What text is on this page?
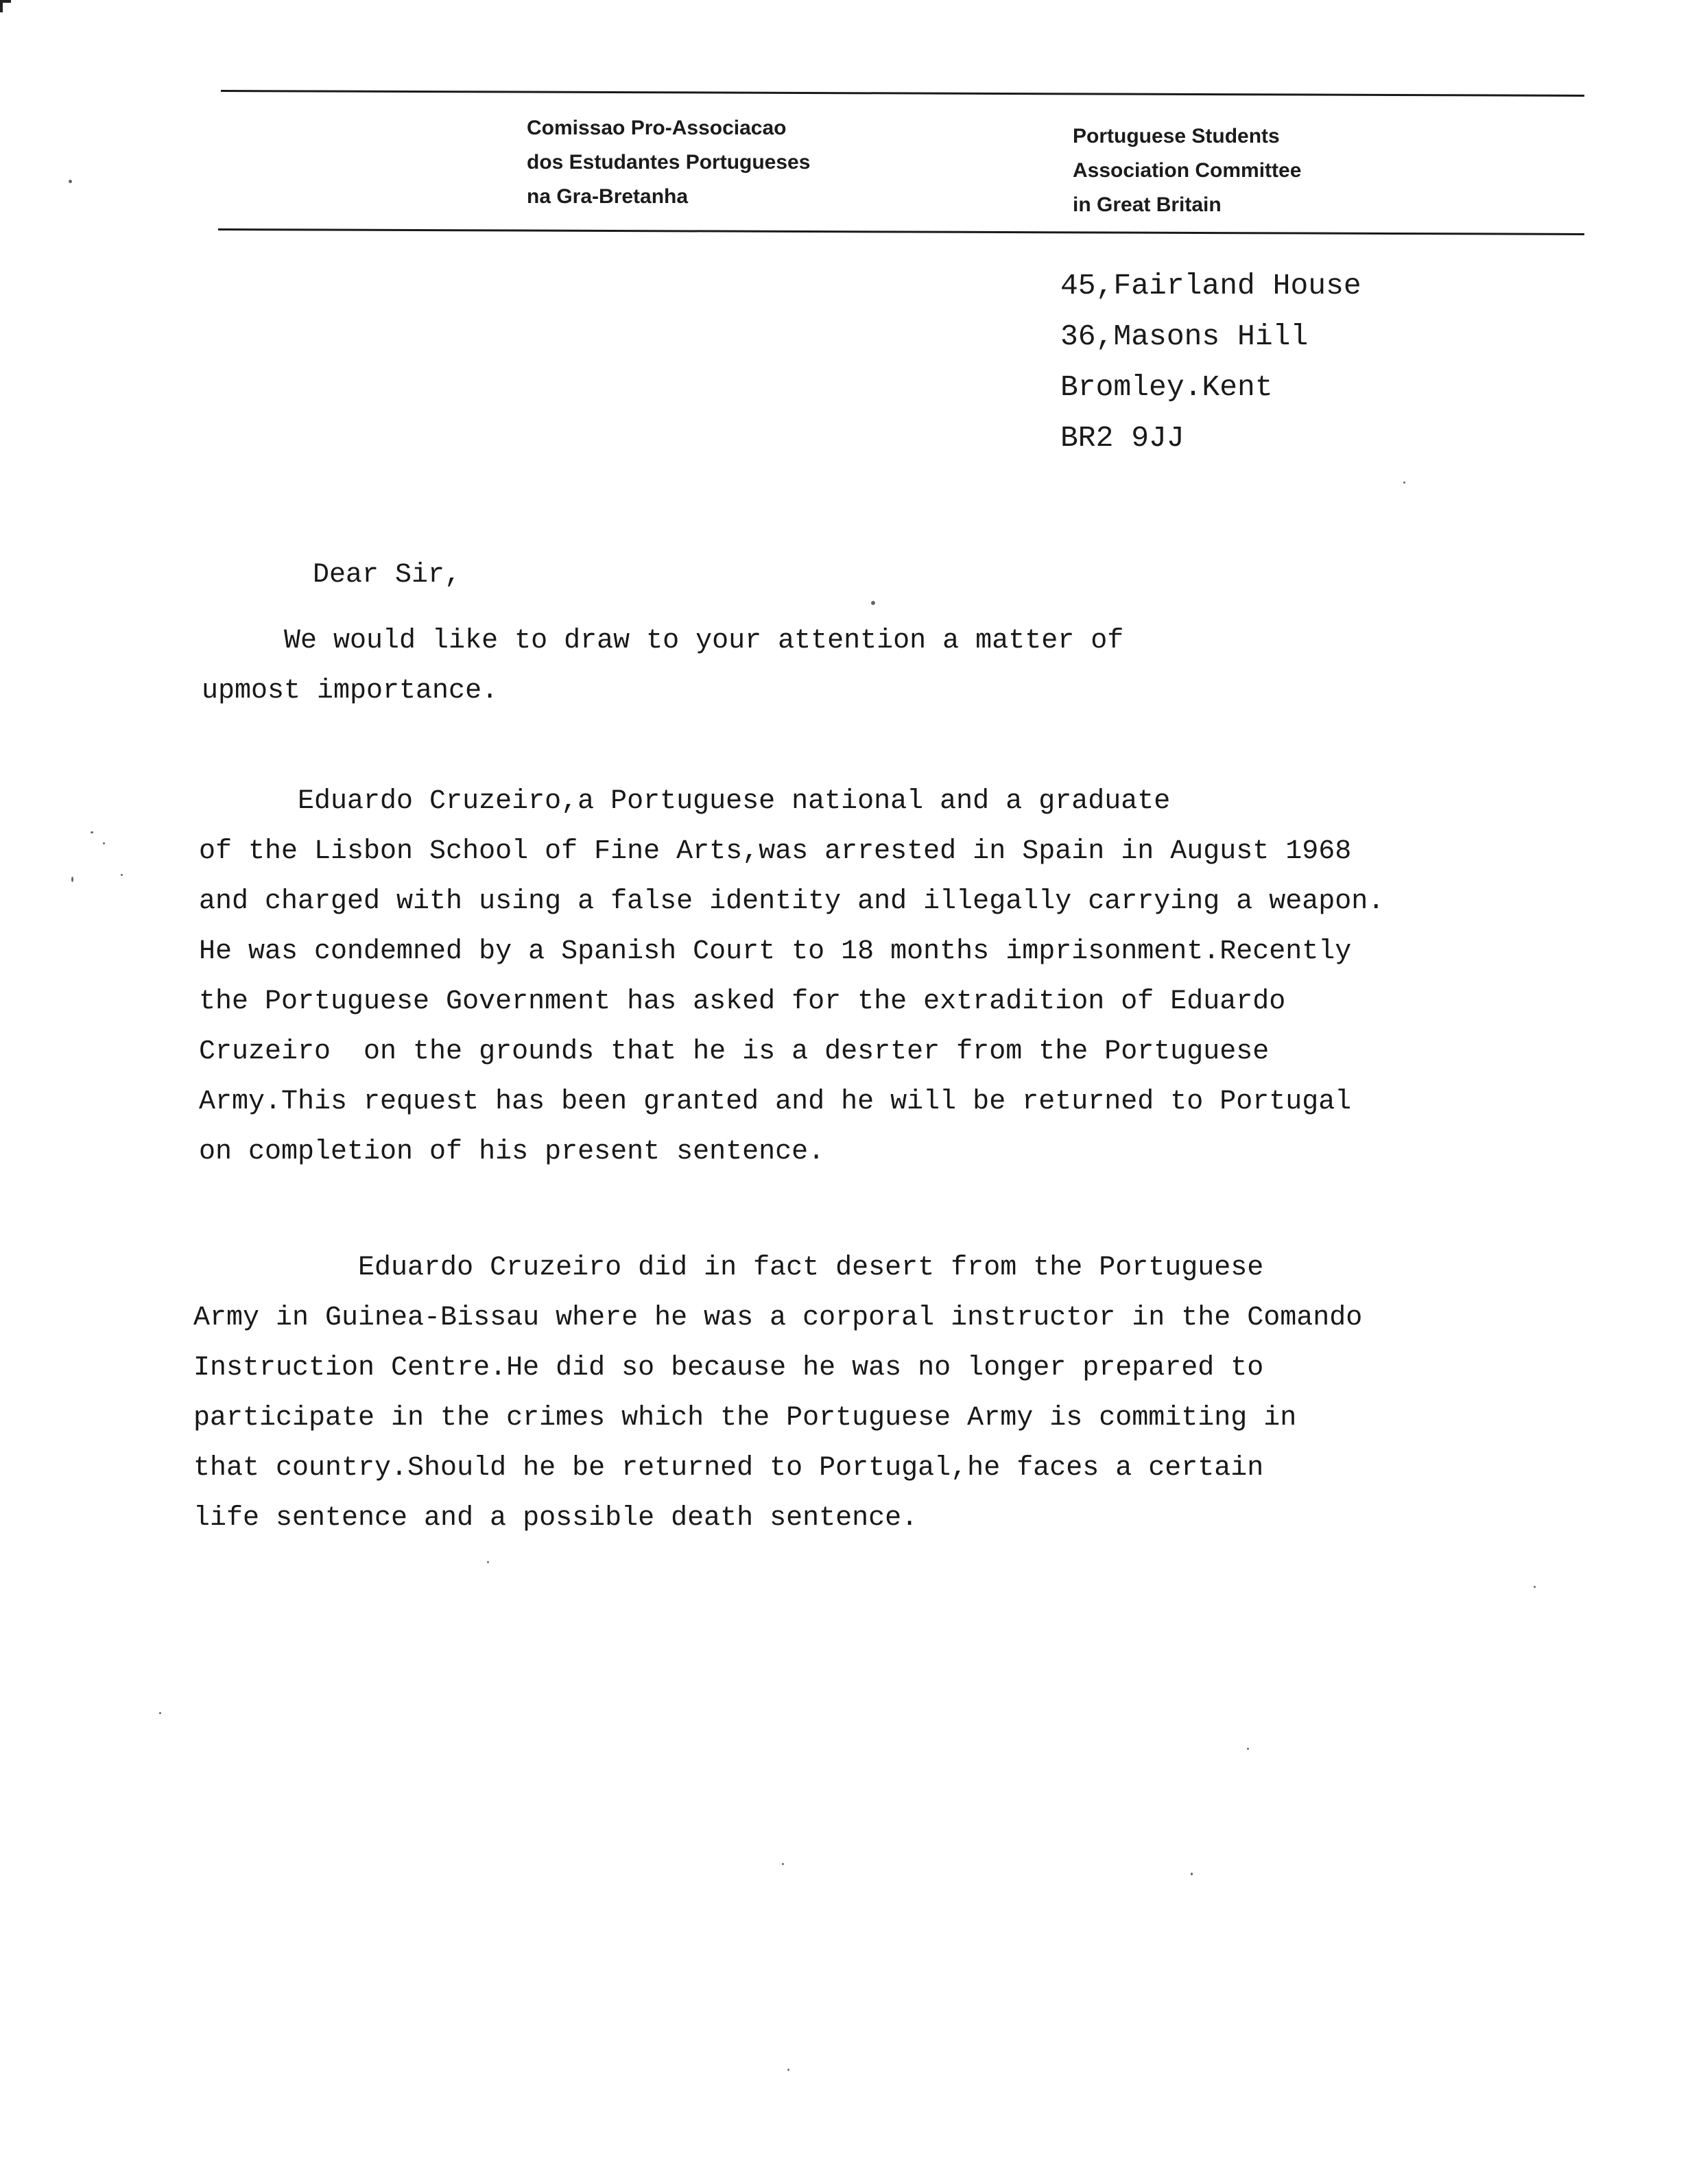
Comissao Pro-Associacao
dos Estudantes Portugueses
na Gra-Bretanha
Portuguese Students
Association Committee
in Great Britain
45,Fairland House
36,Masons Hill
Bromley.Kent
BR2 9JJ
Dear Sir,
We would like to draw to your attention a matter of
upmost importance.
Eduardo Cruzeiro,a Portuguese national and a graduate
of the Lisbon School of Fine Arts,was arrested in Spain in August 1968
and charged with using a false identity and illegally carrying a weapon.
He was condemned by a Spanish Court to 18 months imprisonment.Recently
the Portuguese Government has asked for the extradition of Eduardo
Cruzeiro  on the grounds that he is a desrter from the Portuguese
Army.This request has been granted and he will be returned to Portugal
on completion of his present sentence.
Eduardo Cruzeiro did in fact desert from the Portuguese
Army in Guinea-Bissau where he was a corporal instructor in the Comando
Instruction Centre.He did so because he was no longer prepared to
participate in the crimes which the Portuguese Army is commiting in
that country.Should he be returned to Portugal,he faces a certain
life sentence and a possible death sentence.
